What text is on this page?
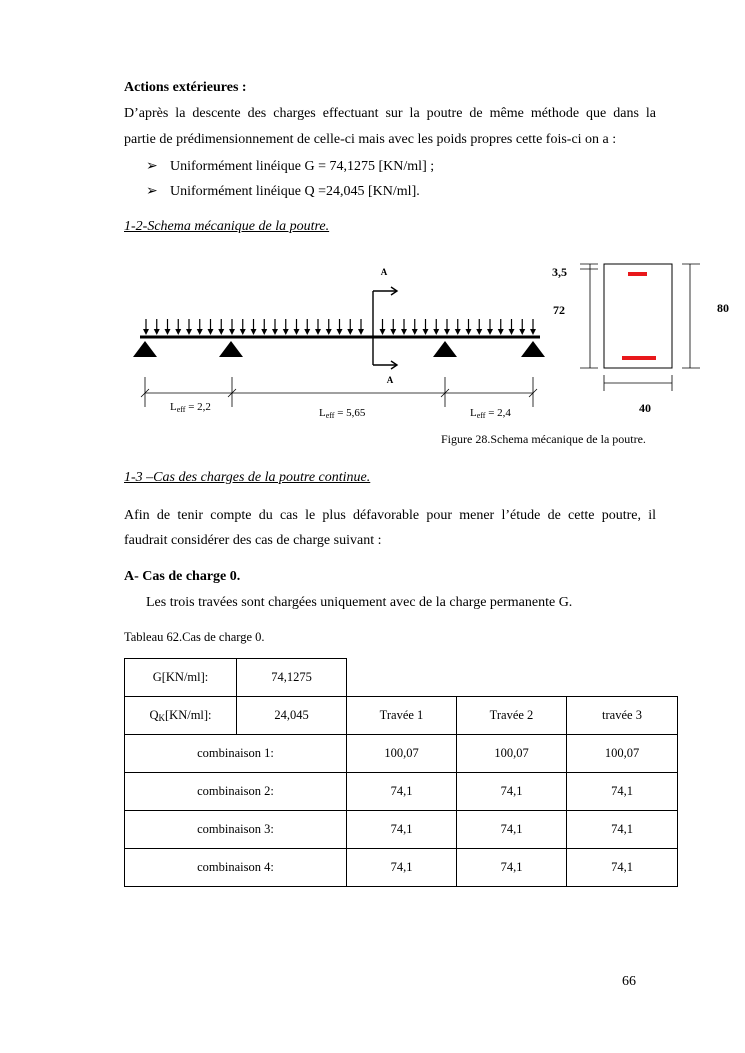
Actions extérieures :
D’après la descente des charges effectuant sur la poutre de même méthode que dans la
partie de prédimensionnement de celle-ci mais avec les poids propres cette fois-ci on a :
➢ Uniformément linéique G = 74,1275 [KN/ml] ;
➢ Uniformément linéique Q =24,045 [KN/ml].
1-2-Schema mécanique de la poutre.
A
A
Leff = 2,2	Leff = 5,65	Leff = 2,4
3,5
72	80
40
Figure 28.Schema mécanique de la poutre.
1-3 –Cas des charges de la poutre continue.
Afin de tenir compte du cas le plus défavorable pour mener l’étude de cette poutre, il
faudrait considérer des cas de charge suivant :
A- Cas de charge 0.
Les trois travées sont chargées uniquement avec de la charge permanente G.
Tableau 62.Cas de charge 0.
G[KN/ml]:	74,1275			
$Q_K[KN/ml]$:	24,045	Travée 1	Travée 2	travée 3
combinaison 1:		100,07	100,07	100,07
combinaison 2:		74,1	74,1	74,1
combinaison 3:		74,1	74,1	74,1
combinaison 4:		74,1	74,1	74,1
66
